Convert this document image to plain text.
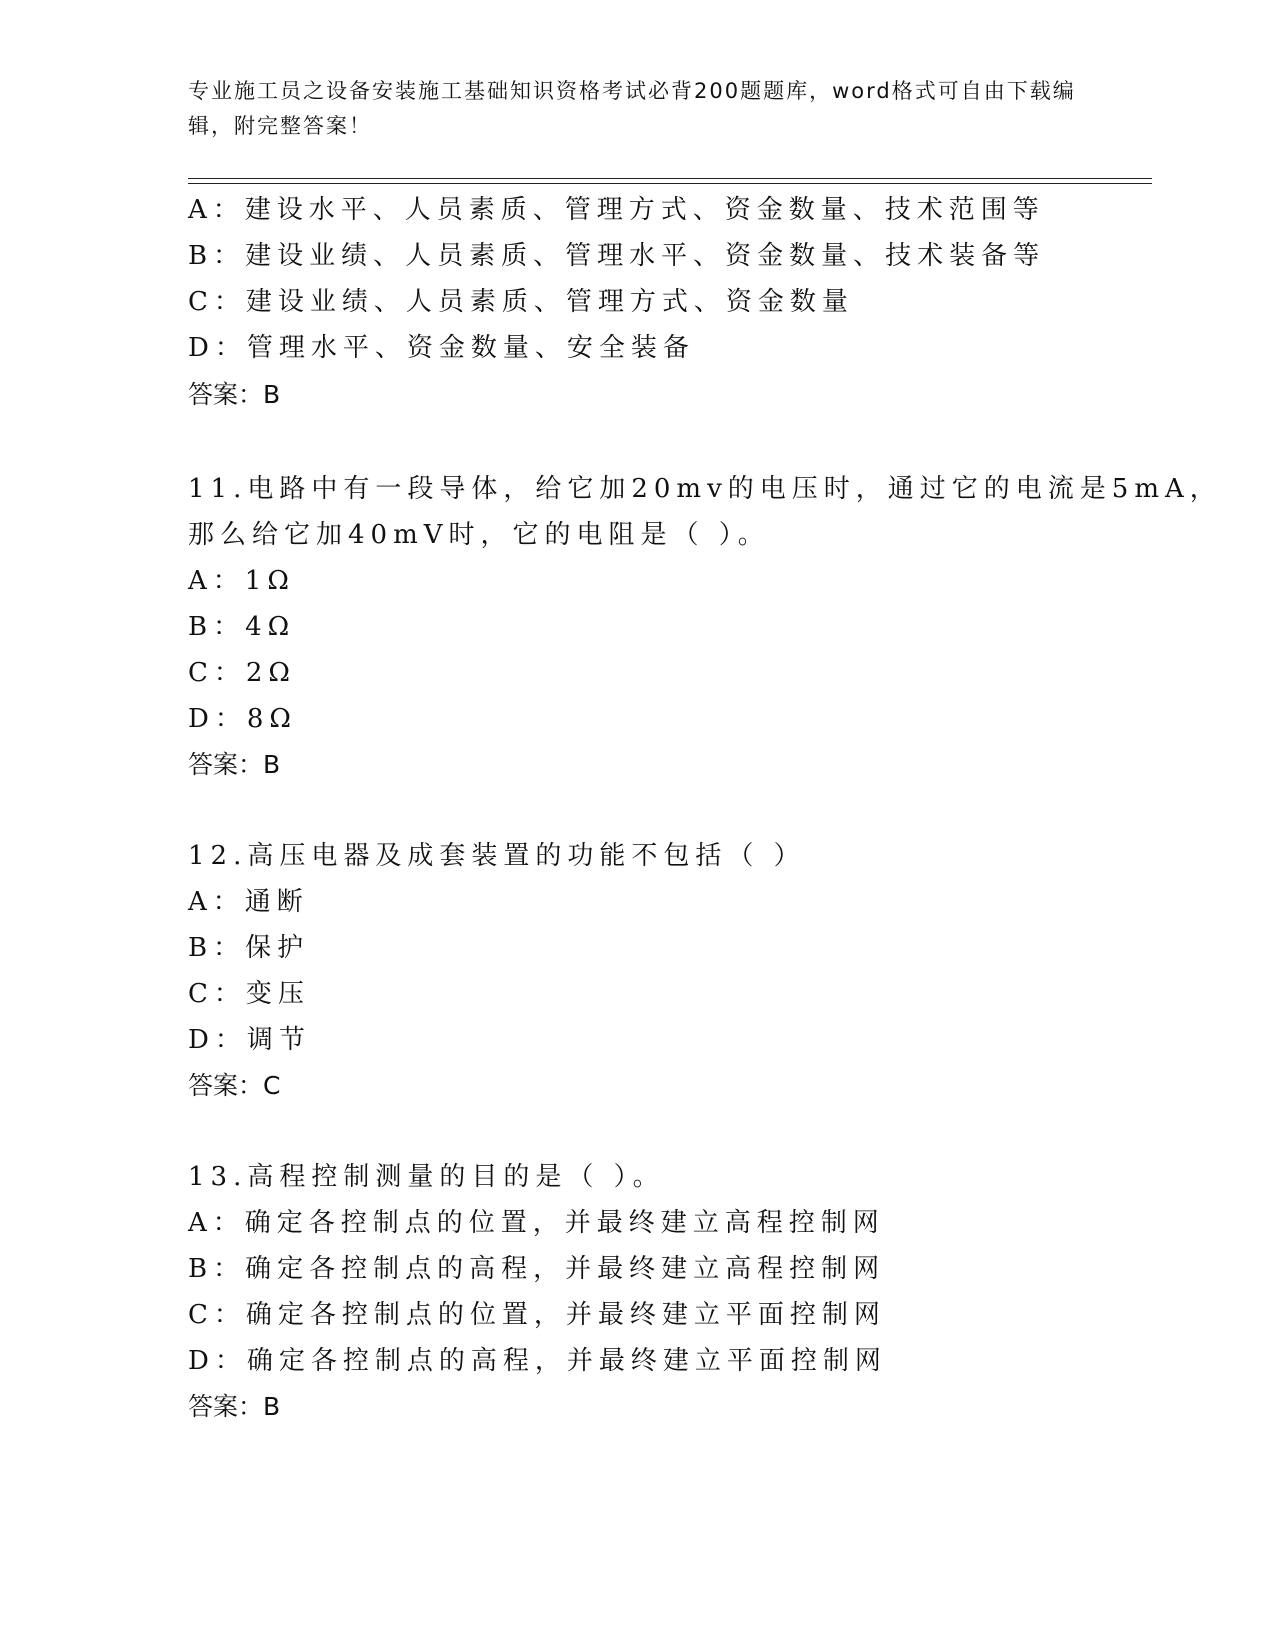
专业施工员之设备安装施工基础知识资格考试必背200题题库，word格式可自由下载编辑，附完整答案！
A：建设水平、人员素质、管理方式、资金数量、技术范围等
B：建设业绩、人员素质、管理水平、资金数量、技术装备等
C：建设业绩、人员素质、管理方式、资金数量
D：管理水平、资金数量、安全装备
答案：B
11.电路中有一段导体，给它加20mv的电压时，通过它的电流是5mA，
那么给它加40mV时，它的电阻是（ ）。
A：1Ω
B：4Ω
C：2Ω
D：8Ω
答案：B
12.高压电器及成套装置的功能不包括（ ）
A：通断
B：保护
C：变压
D：调节
答案：C
13.高程控制测量的目的是（ ）。
A：确定各控制点的位置，并最终建立高程控制网
B：确定各控制点的高程，并最终建立高程控制网
C：确定各控制点的位置，并最终建立平面控制网
D：确定各控制点的高程，并最终建立平面控制网
答案：B
